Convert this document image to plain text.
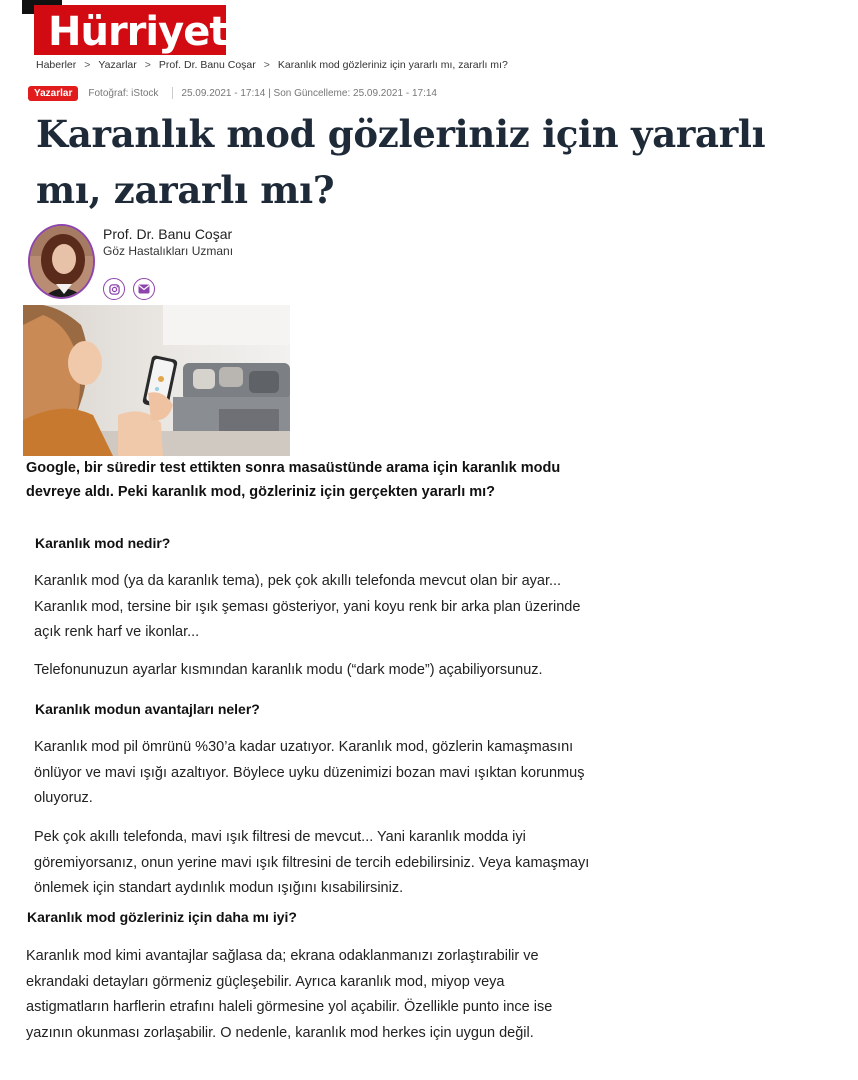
Hürriyet
Haberler > Yazarlar > Prof. Dr. Banu Coşar > Karanlık mod gözleriniz için yararlı mı, zararlı mı?
Yazarlar	Fotoğraf: iStock 25.09.2021 - 17:14 | Son Güncelleme: 25.09.2021 - 17:14
Karanlık mod gözleriniz için yararlı mı, zararlı mı?
Prof. Dr. Banu Coşar
Göz Hastalıkları Uzmanı

Google, bir süredir test ettikten sonra masaüstünde arama için karanlık modu devreye aldı. Peki karanlık mod, gözleriniz için gerçekten yararlı mı?

Karanlık mod nedir?

Karanlık mod (ya da karanlık tema), pek çok akıllı telefonda mevcut olan bir ayar... Karanlık mod, tersine bir ışık şeması gösteriyor, yani koyu renk bir arka plan üzerinde açık renk harf ve ikonlar...

Telefonunuzun ayarlar kısmından karanlık modu (“dark mode”) açabiliyorsunuz.

Karanlık modun avantajları neler?

Karanlık mod pil ömrünü %30’a kadar uzatıyor. Karanlık mod, gözlerin kamaşmasını önlüyor ve mavi ışığı azaltıyor. Böylece uyku düzenimizi bozan mavi ışıktan korunmuş oluyoruz.

Pek çok akıllı telefonda, mavi ışık filtresi de mevcut... Yani karanlık modda iyi göremiyorsanız, onun yerine mavi ışık filtresini de tercih edebilirsiniz. Veya kamaşmayı önlemek için standart aydınlık modun ışığını kısabilirsiniz.

Karanlık mod gözleriniz için daha mı iyi?

Karanlık mod kimi avantajlar sağlasa da; ekrana odaklanmanızı zorlaştırabilir ve ekrandaki detayları görmeniz güçleşebilir. Ayrıca karanlık mod, miyop veya astigmatların harflerin etrafını haleli görmesine yol açabilir. Özellikle punto ince ise yazının okunması zorlaşabilir. O nedenle, karanlık mod herkes için uygun değil.
